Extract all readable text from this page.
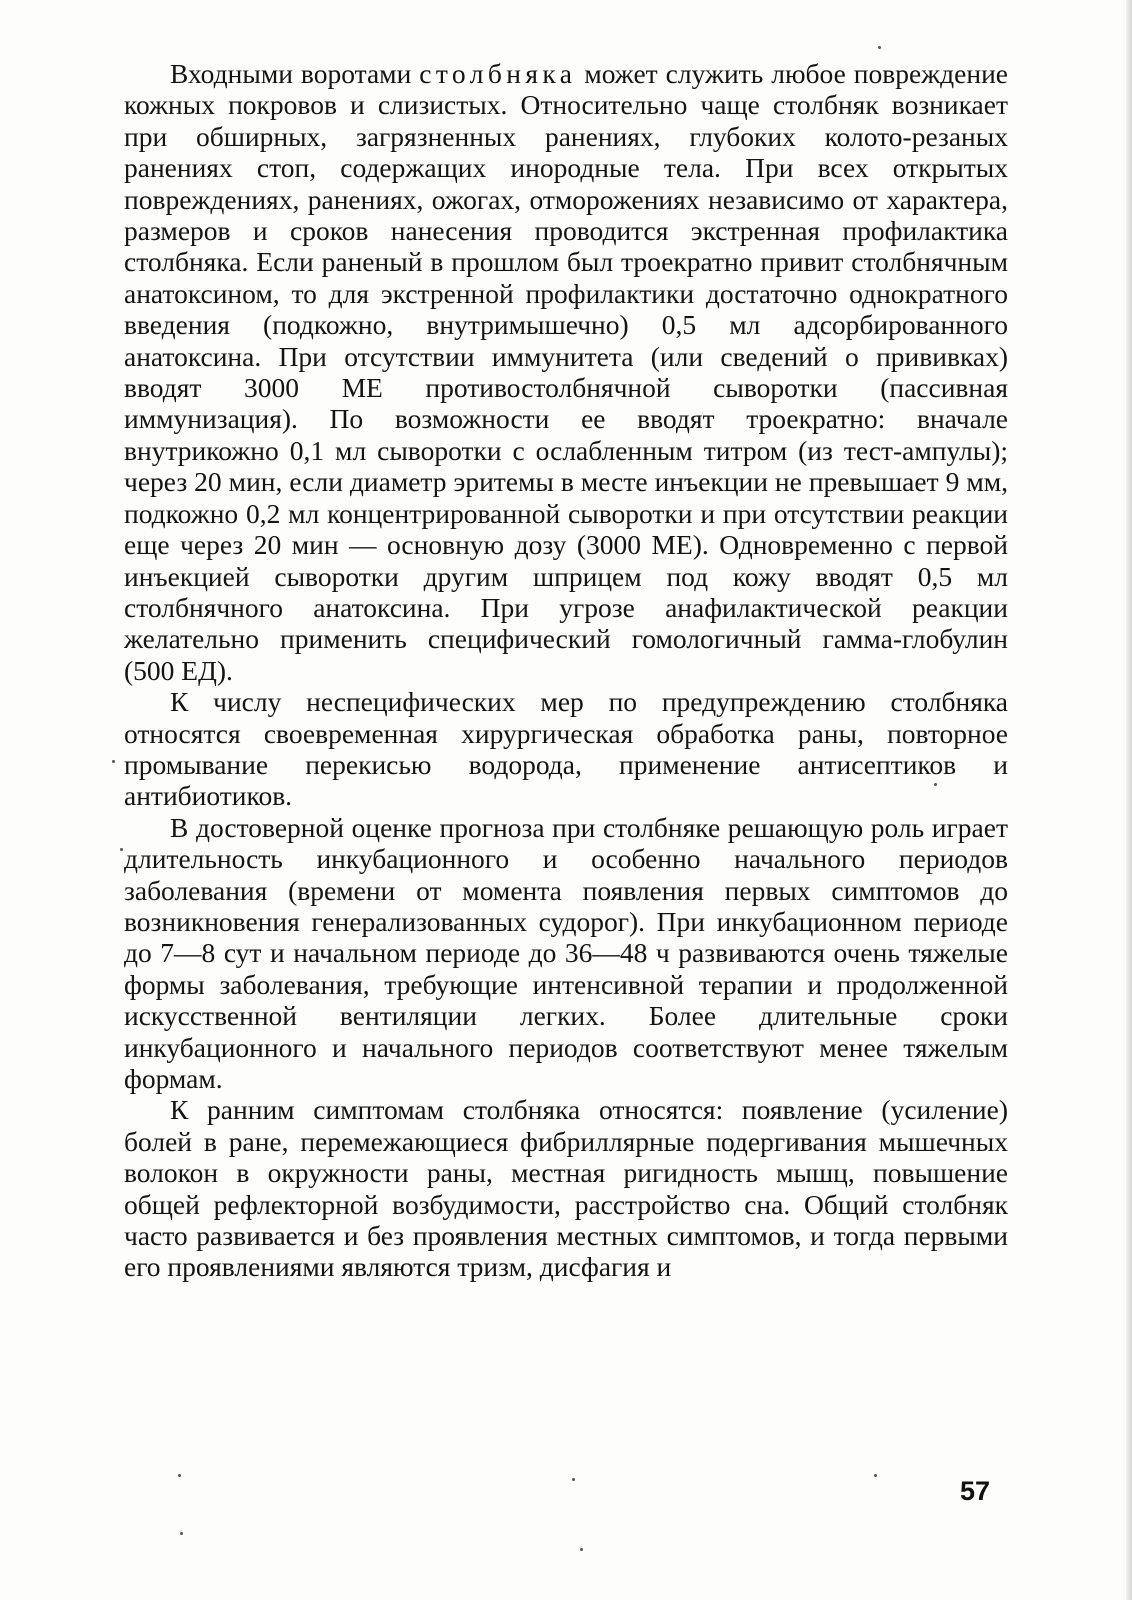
Входными воротами столбняка может служить любое повреждение кожных покровов и слизистых. Относительно чаще столбняк возникает при обширных, загрязненных ранениях, глубоких колото-резаных ранениях стоп, содержащих инородные тела. При всех открытых повреждениях, ранениях, ожогах, отморожениях независимо от характера, размеров и сроков нанесения проводится экстренная профилактика столбняка. Если раненый в прошлом был троекратно привит столбнячным анатоксином, то для экстренной профилактики достаточно однократного введения (подкожно, внутримышечно) 0,5 мл адсорбированного анатоксина. При отсутствии иммунитета (или сведений о прививках) вводят 3000 МЕ противостолбнячной сыворотки (пассивная иммунизация). По возможности ее вводят троекратно: вначале внутрикожно 0,1 мл сыворотки с ослабленным титром (из тест-ампулы); через 20 мин, если диаметр эритемы в месте инъекции не превышает 9 мм, подкожно 0,2 мл концентрированной сыворотки и при отсутствии реакции еще через 20 мин — основную дозу (3000 МЕ). Одновременно с первой инъекцией сыворотки другим шприцем под кожу вводят 0,5 мл столбнячного анатоксина. При угрозе анафилактической реакции желательно применить специфический гомологичный гамма-глобулин (500 ЕД).

К числу неспецифических мер по предупреждению столбняка относятся своевременная хирургическая обработка раны, повторное промывание перекисью водорода, применение антисептиков и антибиотиков.

В достоверной оценке прогноза при столбняке решающую роль играет длительность инкубационного и особенно начального периодов заболевания (времени от момента появления первых симптомов до возникновения генерализованных судорог). При инкубационном периоде до 7—8 сут и начальном периоде до 36—48 ч развиваются очень тяжелые формы заболевания, требующие интенсивной терапии и продолженной искусственной вентиляции легких. Более длительные сроки инкубационного и начального периодов соответствуют менее тяжелым формам.

К ранним симптомам столбняка относятся: появление (усиление) болей в ране, перемежающиеся фибриллярные подергивания мышечных волокон в окружности раны, местная ригидность мышц, повышение общей рефлекторной возбудимости, расстройство сна. Общий столбняк часто развивается и без проявления местных симптомов, и тогда первыми его проявлениями являются тризм, дисфагия и

57
